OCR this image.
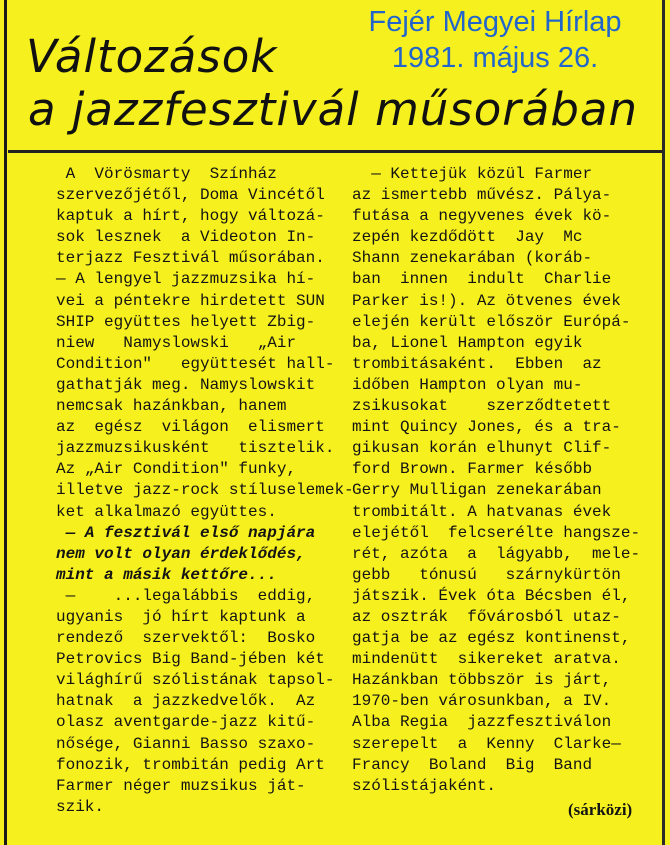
Fejér Megyei Hírlap
1981. május 26.
Változások
a jazzfesztivál műsorában
A  Vörösmarty  Színház
szervezőjétől, Doma Vincétől
kaptuk a hírt, hogy változá-
sok lesznek  a Videoton In-
terjazz Fesztivál műsorában.
— A lengyel jazzmuzsika hí-
vei a péntekre hirdetett SUN
SHIP együttes helyett Zbig-
niew   Namyslowski   „Air
Condition"   együttesét hall-
gathatják meg. Namyslowskit
nemcsak hazánkban, hanem
az  egész  világon  elismert
jazzmuzsikusként   tisztelik.
Az „Air Condition" funky,
illetve jazz-rock stíluselemek-
ket alkalmazó együttes.
— A fesztivál első napjára
nem volt olyan érdeklődés,
mint a másik kettőre...
—    ...legalábbis  eddig,
ugyanis  jó hírt kaptunk a
rendező  szervektől:  Bosko
Petrovics Big Band-jében két
világhírű szólistának tapsol-
hatnak  a jazzkedvelők.  Az
olasz aventgarde-jazz kitű-
nősége, Gianni Basso szaxo-
fonozik, trombitán pedig Art
Farmer néger muzsikus ját-
szik.
— Kettejük közül Farmer
az ismertebb művész. Pálya-
futása a negyvenes évek kö-
zepén kezdődött  Jay  Mc
Shann zenekarában (koráb-
ban  innen  indult  Charlie
Parker is!). Az ötvenes évek
elején került először Európá-
ba, Lionel Hampton egyik
trombitásaként.  Ebben  az
időben Hampton olyan mu-
zsikusokat    szerződtetett
mint Quincy Jones, és a tra-
gikusan korán elhunyt Clif-
ford Brown. Farmer később
Gerry Mulligan zenekarában
trombitált. A hatvanas évek
elejétől  felcserélte hangsze-
rét, azóta  a  lágyabb,  mele-
gebb   tónusú   szárnykürtön
játszik. Évek óta Bécsben él,
az osztrák  fővárosból utaz-
gatja be az egész kontinenst,
mindenütt  sikereket aratva.
Hazánkban többször is járt,
1970-ben városunkban, a IV.
Alba Regia  jazzfesztiválon
szerepelt  a  Kenny  Clarke—
Francy  Boland  Big  Band
szólistájaként.
(sárközi)
